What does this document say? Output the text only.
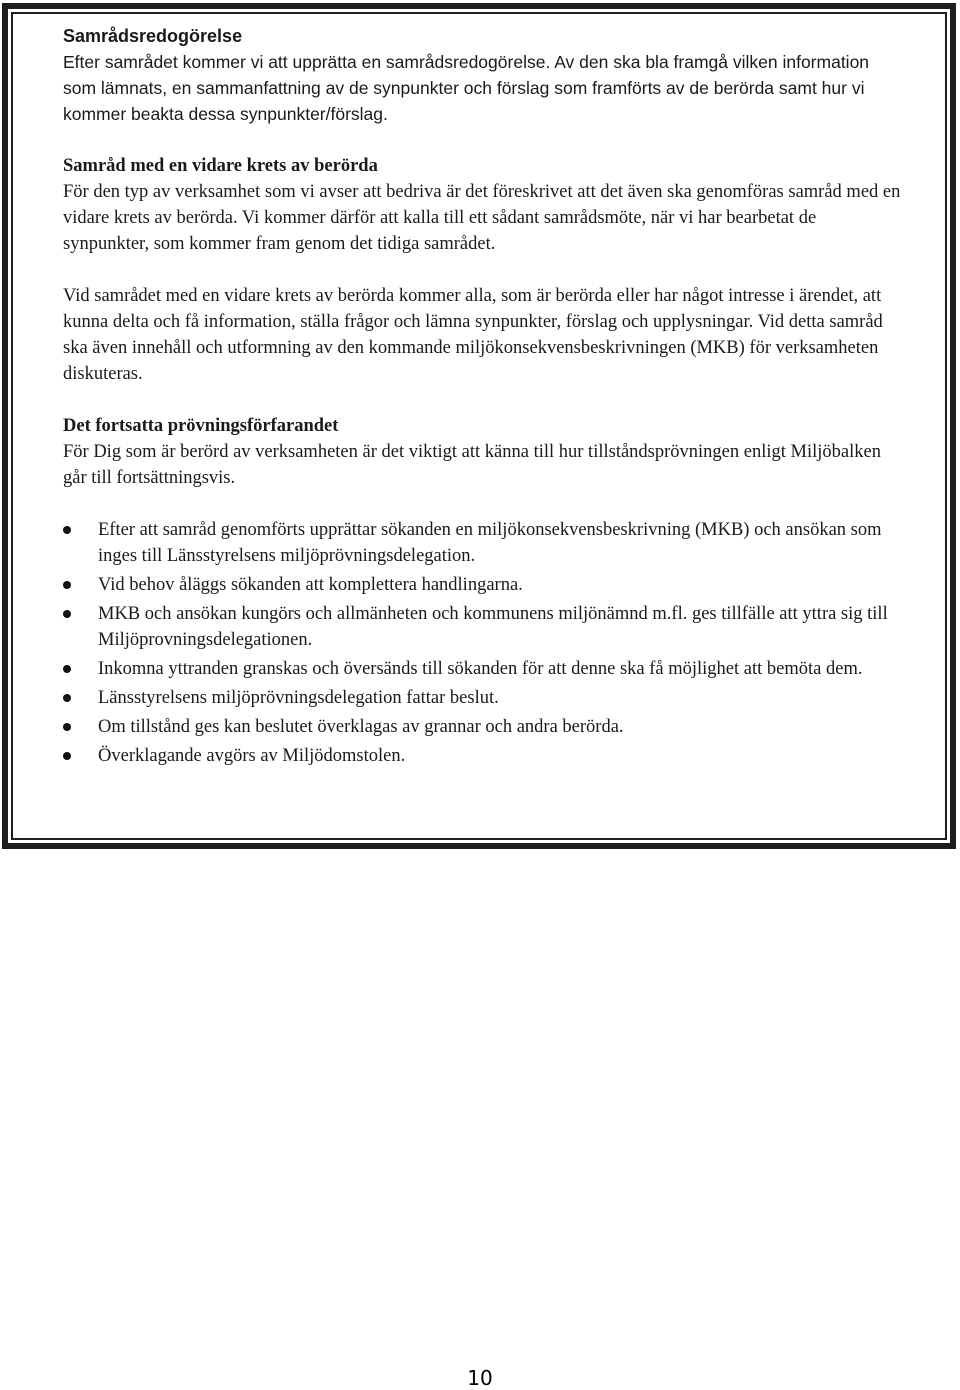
Samrådsredogörelse

Efter samrådet kommer vi att upprätta en samrådsredogörelse. Av den ska bla framgå vilken information som lämnats, en sammanfattning av de synpunkter och förslag som framförts av de berörda samt hur vi kommer beakta dessa synpunkter/förslag.

Samråd med en vidare krets av berörda

För den typ av verksamhet som vi avser att bedriva är det föreskrivet att det även ska genomföras samråd med en vidare krets av berörda. Vi kommer därför att kalla till ett sådant samrådsmöte, när vi har bearbetat de synpunkter, som kommer fram genom det tidiga samrådet.

Vid samrådet med en vidare krets av berörda kommer alla, som är berörda eller har något intresse i ärendet, att kunna delta och få information, ställa frågor och lämna synpunkter, förslag och upplysningar. Vid detta samråd ska även innehåll och utformning av den kommande miljökonsekvensbeskrivningen (MKB) för verksamheten diskuteras.

Det fortsatta prövningsförfarandet

För Dig som är berörd av verksamheten är det viktigt att känna till hur tillståndsprövningen enligt Miljöbalken går till fortsättningsvis.

Efter att samråd genomförts upprättar sökanden en miljökonsekvensbeskrivning (MKB) och ansökan som inges till Länsstyrelsens miljöprövningsdelegation.
Vid behov åläggs sökanden att komplettera handlingarna.
MKB och ansökan kungörs och allmänheten och kommunens miljönämnd m.fl. ges tillfälle att yttra sig till Miljöprovningsdelegationen.
Inkomna yttranden granskas och översänds till sökanden för att denne ska få möjlighet att bemöta dem.
Länsstyrelsens miljöprövningsdelegation fattar beslut.
Om tillstånd ges kan beslutet överklagas av grannar och andra berörda.
Överklagande avgörs av Miljödomstolen.
10
